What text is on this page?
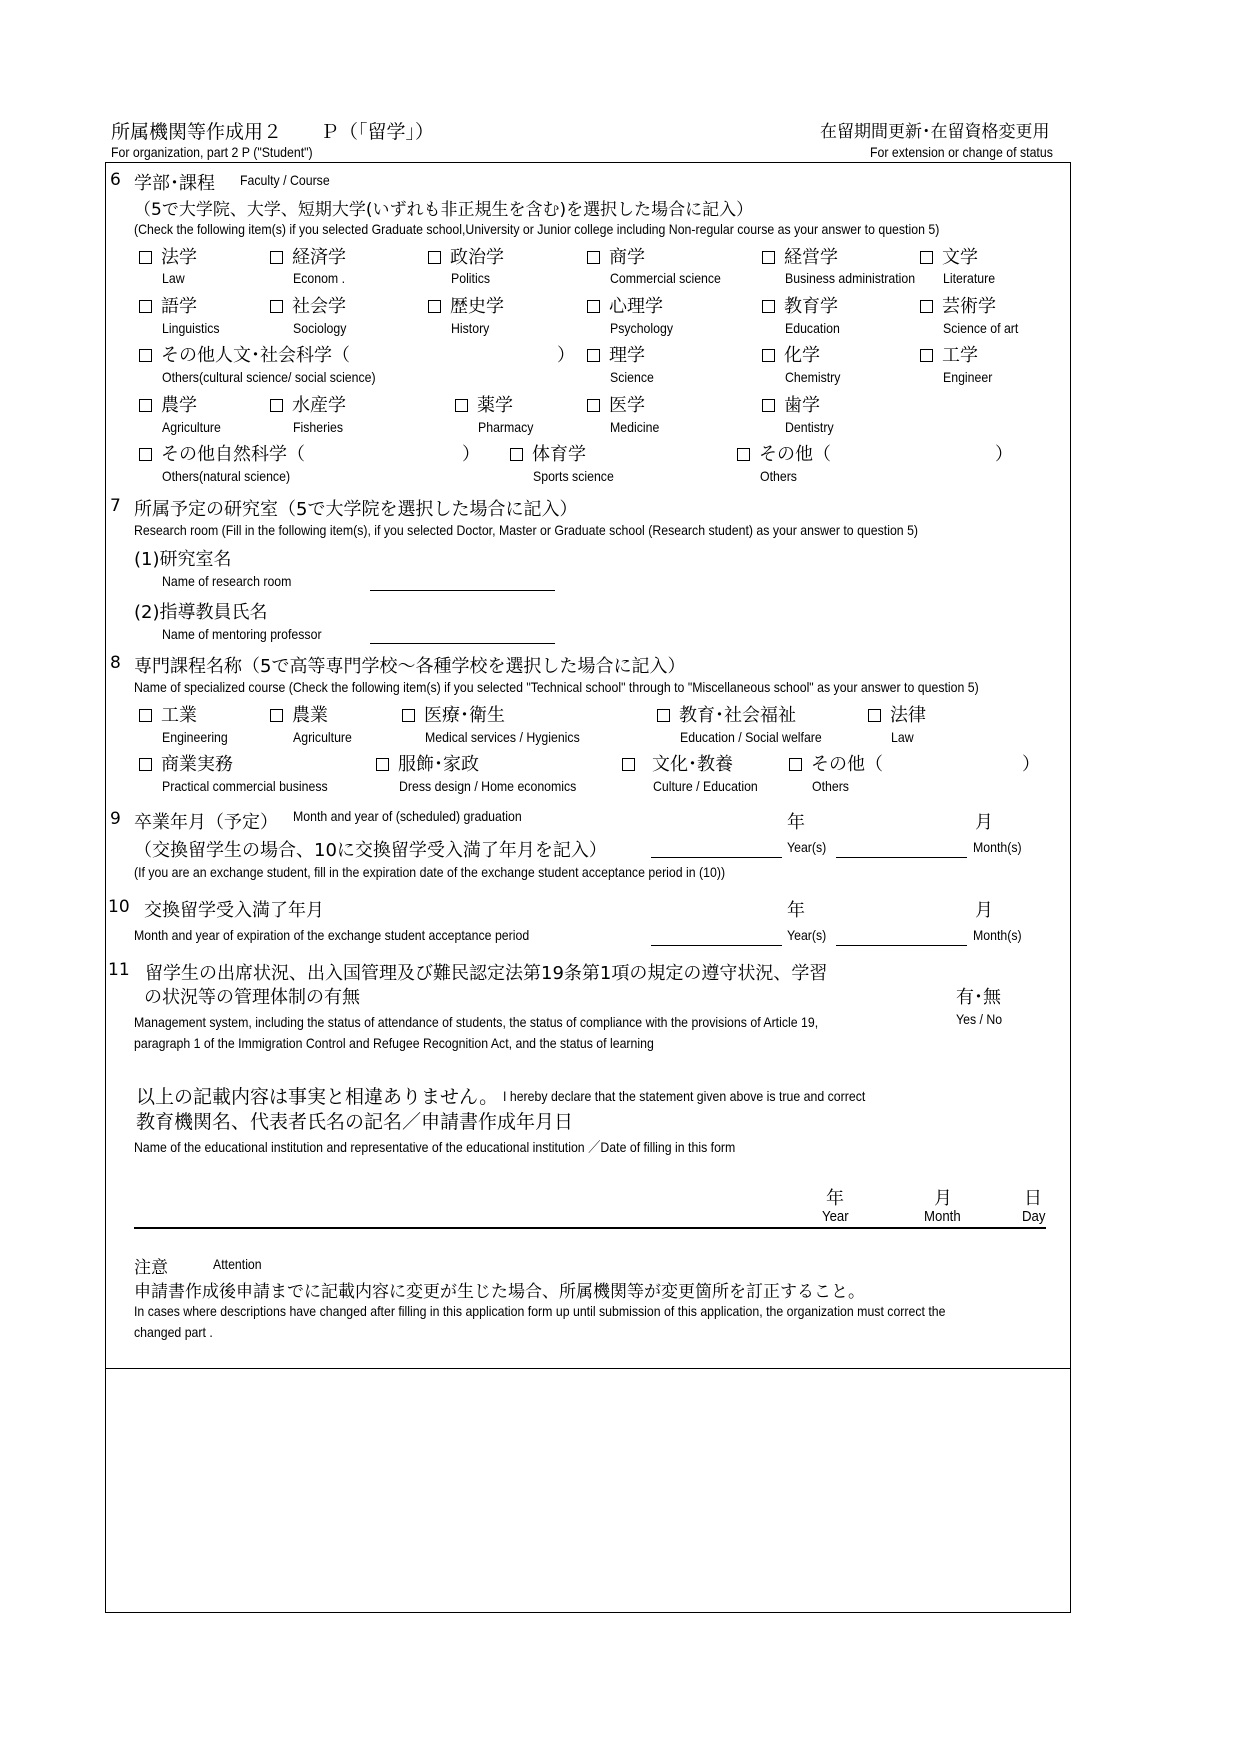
所属機関等作成用２　　Ｐ（「留学」）
For organization, part 2 P ("Student")
在留期間更新･在留資格変更用
For extension or change of status
6 学部･課程 Faculty / Course
（5で大学院、大学、短期大学(いずれも非正規生を含む)を選択した場合に記入）
(Check the following item(s) if you selected Graduate school,University or Junior college including Non-regular course as your answer to question 5)
法学
Law
経済学
Econom .
政治学
Politics
商学
Commercial science
経営学
Business administration
文学
Literature
語学
Linguistics
社会学
Sociology
歴史学
History
心理学
Psychology
教育学
Education
芸術学
Science of art
その他人文･社会科学（	）
Others(cultural science/ social science)
理学
Science
化学
Chemistry
工学
Engineer
農学
Agriculture
水産学
Fisheries
薬学
Pharmacy
医学
Medicine
歯学
Dentistry
その他自然科学（	）
Others(natural science)
体育学
Sports science
その他（	）
Others
7 所属予定の研究室（5で大学院を選択した場合に記入）
Research room (Fill in the following item(s), if you selected Doctor, Master or Graduate school (Research student) as your answer to question 5)
(1)研究室名
Name of research room
(2)指導教員氏名
Name of mentoring professor
8 専門課程名称（5で高等専門学校～各種学校を選択した場合に記入）
Name of specialized course (Check the following item(s) if you selected "Technical school" through to "Miscellaneous school" as your answer to question 5)
工業
Engineering
農業
Agriculture
医療･衛生
Medical services / Hygienics
教育･社会福祉
Education / Social welfare
法律
Law
商業実務
Practical commercial business
服飾･家政
Dress design / Home economics
文化･教養
Culture / Education
その他（	）
Others
9 卒業年月（予定） Month and year of (scheduled) graduation	年	月
（交換留学生の場合、10に交換留学受入満了年月を記入）	Year(s)	Month(s)
(If you are an exchange student, fill in the expiration date of the exchange student acceptance period in (10))
10 交換留学受入満了年月	年	月
Month and year of expiration of the exchange student acceptance period	Year(s)	Month(s)
11 留学生の出席状況、出入国管理及び難民認定法第19条第1項の規定の遵守状況、学習
の状況等の管理体制の有無	有･無
Yes / No
Management system, including the status of attendance of students, the status of compliance with the provisions of Article 19,
paragraph 1 of the Immigration Control and Refugee Recognition Act, and the status of learning
以上の記載内容は事実と相違ありません。 I hereby declare that the statement given above is true and correct
教育機関名、代表者氏名の記名／申請書作成年月日
Name of the educational institution and representative of the educational institution ／Date of filling in this form
年	月	日
Year	Month	Day
注意	Attention
申請書作成後申請までに記載内容に変更が生じた場合、所属機関等が変更箇所を訂正すること。
In cases where descriptions have changed after filling in this application form up until submission of this application, the organization must correct the
changed part .
